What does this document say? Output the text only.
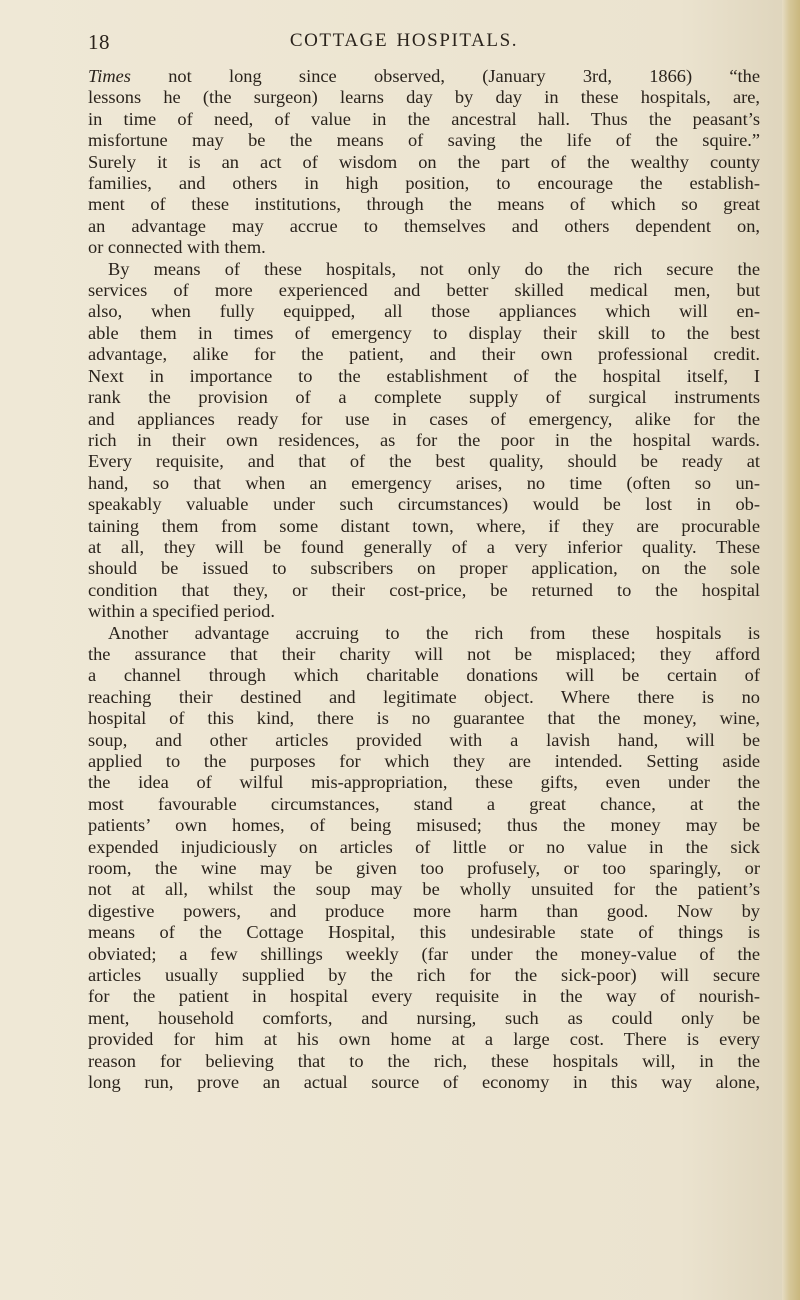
18	COTTAGE HOSPITALS.
Times not long since observed, (January 3rd, 1866) “the
lessons he (the surgeon) learns day by day in these hospitals, are,
in time of need, of value in the ancestral hall. Thus the peasant’s
misfortune may be the means of saving the life of the squire.”
Surely it is an act of wisdom on the part of the wealthy county
families, and others in high position, to encourage the establish-
ment of these institutions, through the means of which so great
an advantage may accrue to themselves and others dependent on,
or connected with them.
By means of these hospitals, not only do the rich secure the
services of more experienced and better skilled medical men, but
also, when fully equipped, all those appliances which will en-
able them in times of emergency to display their skill to the best
advantage, alike for the patient, and their own professional credit.
Next in importance to the establishment of the hospital itself, I
rank the provision of a complete supply of surgical instruments
and appliances ready for use in cases of emergency, alike for the
rich in their own residences, as for the poor in the hospital wards.
Every requisite, and that of the best quality, should be ready at
hand, so that when an emergency arises, no time (often so un-
speakably valuable under such circumstances) would be lost in ob-
taining them from some distant town, where, if they are procurable
at all, they will be found generally of a very inferior quality. These
should be issued to subscribers on proper application, on the sole
condition that they, or their cost-price, be returned to the hospital
within a specified period.
Another advantage accruing to the rich from these hospitals is
the assurance that their charity will not be misplaced; they afford
a channel through which charitable donations will be certain of
reaching their destined and legitimate object. Where there is no
hospital of this kind, there is no guarantee that the money, wine,
soup, and other articles provided with a lavish hand, will be
applied to the purposes for which they are intended. Setting aside
the idea of wilful mis-appropriation, these gifts, even under the
most favourable circumstances, stand a great chance, at the
patients’ own homes, of being misused; thus the money may be
expended injudiciously on articles of little or no value in the sick
room, the wine may be given too profusely, or too sparingly, or
not at all, whilst the soup may be wholly unsuited for the patient’s
digestive powers, and produce more harm than good. Now by
means of the Cottage Hospital, this undesirable state of things is
obviated; a few shillings weekly (far under the money-value of the
articles usually supplied by the rich for the sick-poor) will secure
for the patient in hospital every requisite in the way of nourish-
ment, household comforts, and nursing, such as could only be
provided for him at his own home at a large cost. There is every
reason for believing that to the rich, these hospitals will, in the
long run, prove an actual source of economy in this way alone,
